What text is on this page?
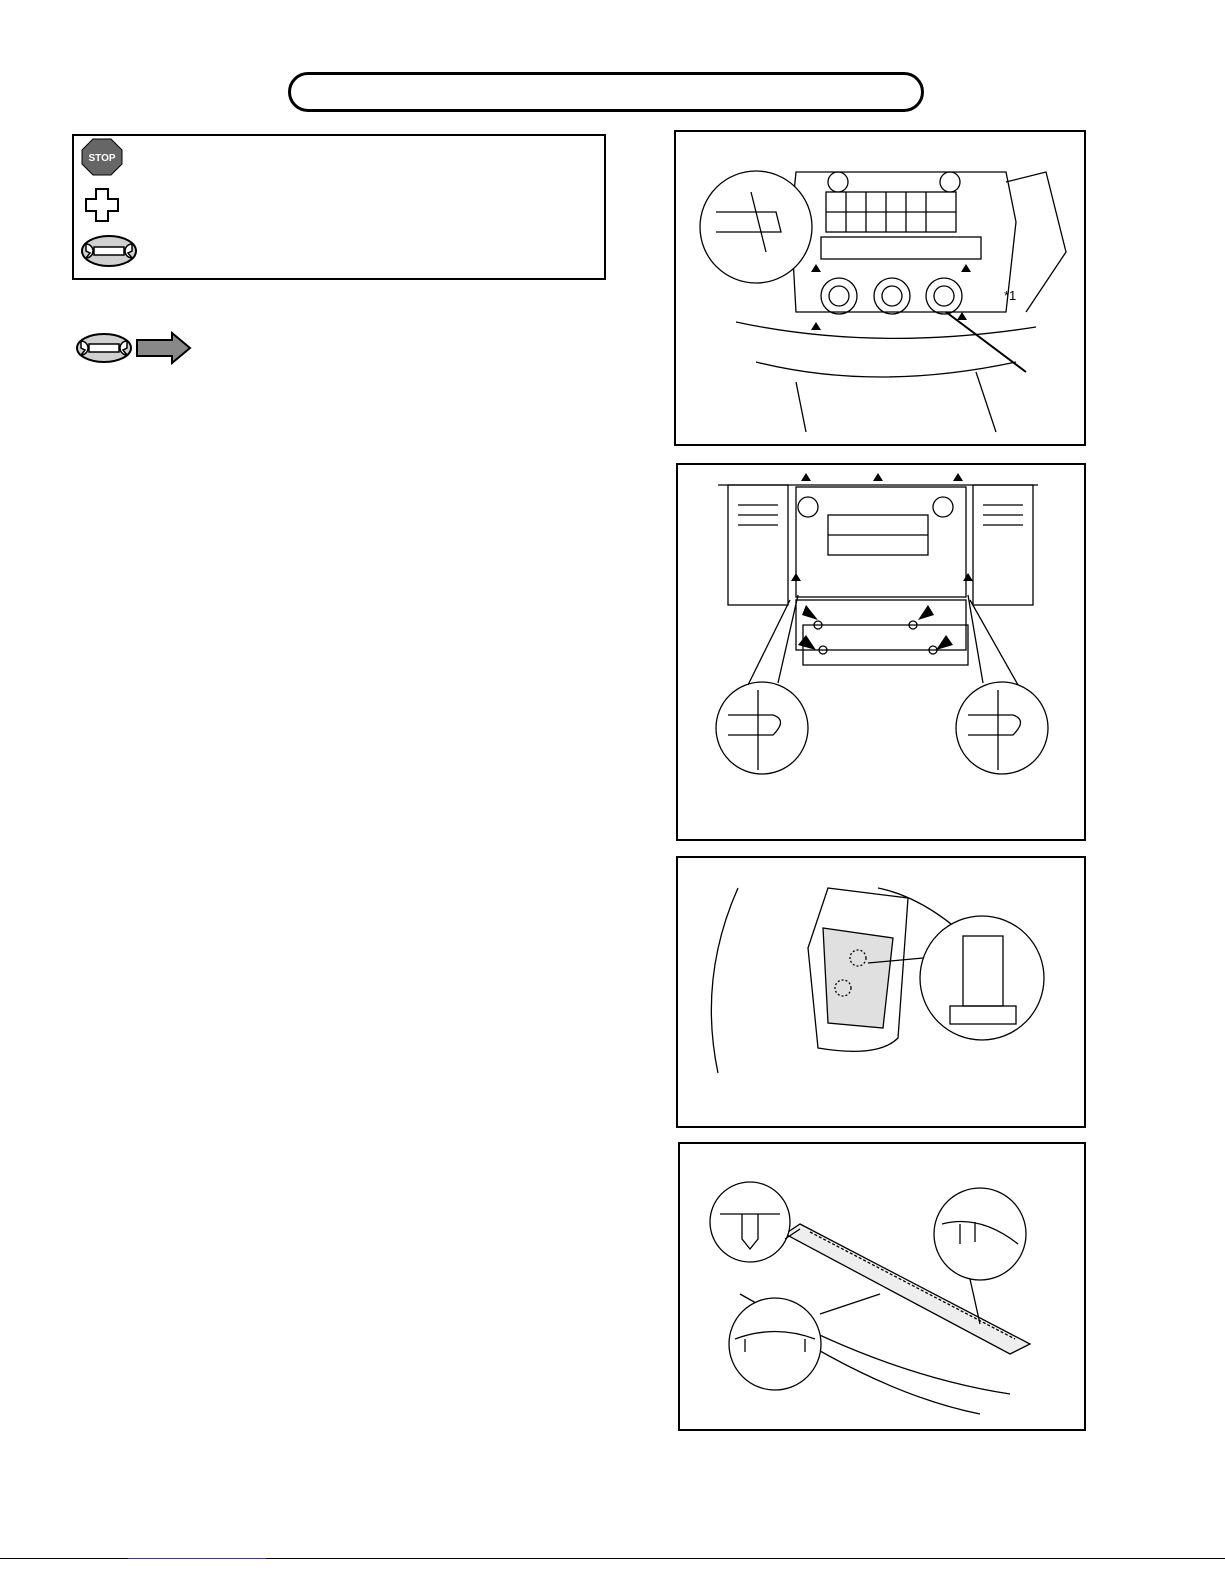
STOP
*1
